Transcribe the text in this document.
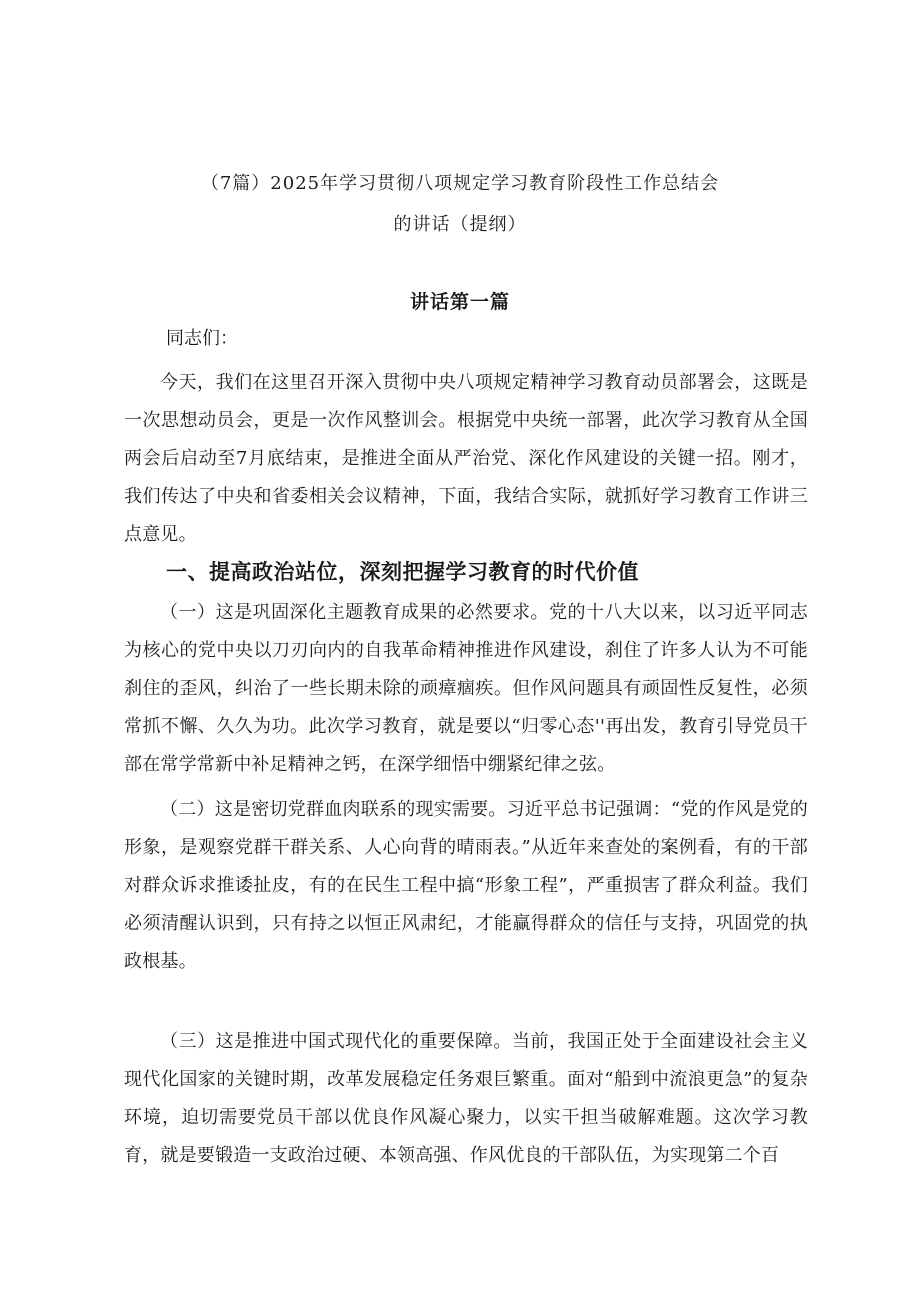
（7篇）2025年学习贯彻八项规定学习教育阶段性工作总结会
的讲话（提纲）
讲话第一篇
同志们：

今天，我们在这里召开深入贯彻中央八项规定精神学习教育动员部署会，这既是一次思想动员会，更是一次作风整训会。根据党中央统一部署，此次学习教育从全国两会后启动至7月底结束，是推进全面从严治党、深化作风建设的关键一招。刚才，我们传达了中央和省委相关会议精神，下面，我结合实际，就抓好学习教育工作讲三点意见。

一、提高政治站位，深刻把握学习教育的时代价值

（一）这是巩固深化主题教育成果的必然要求。党的十八大以来，以习近平同志为核心的党中央以刀刃向内的自我革命精神推进作风建设，刹住了许多人认为不可能刹住的歪风，纠治了一些长期未除的顽瘴痼疾。但作风问题具有顽固性反复性，必须常抓不懈、久久为功。此次学习教育，就是要以“归零心态''再出发，教育引导党员干部在常学常新中补足精神之钙，在深学细悟中绷紧纪律之弦。

（二）这是密切党群血肉联系的现实需要。习近平总书记强调：“党的作风是党的形象，是观察党群干群关系、人心向背的晴雨表。”从近年来查处的案例看，有的干部对群众诉求推诿扯皮，有的在民生工程中搞“形象工程”，严重损害了群众利益。我们必须清醒认识到，只有持之以恒正风肃纪，才能赢得群众的信任与支持，巩固党的执政根基。

（三）这是推进中国式现代化的重要保障。当前，我国正处于全面建设社会主义现代化国家的关键时期，改革发展稳定任务艰巨繁重。面对“船到中流浪更急”的复杂环境，迫切需要党员干部以优良作风凝心聚力，以实干担当破解难题。这次学习教育，就是要锻造一支政治过硬、本领高强、作风优良的干部队伍，为实现第二个百
